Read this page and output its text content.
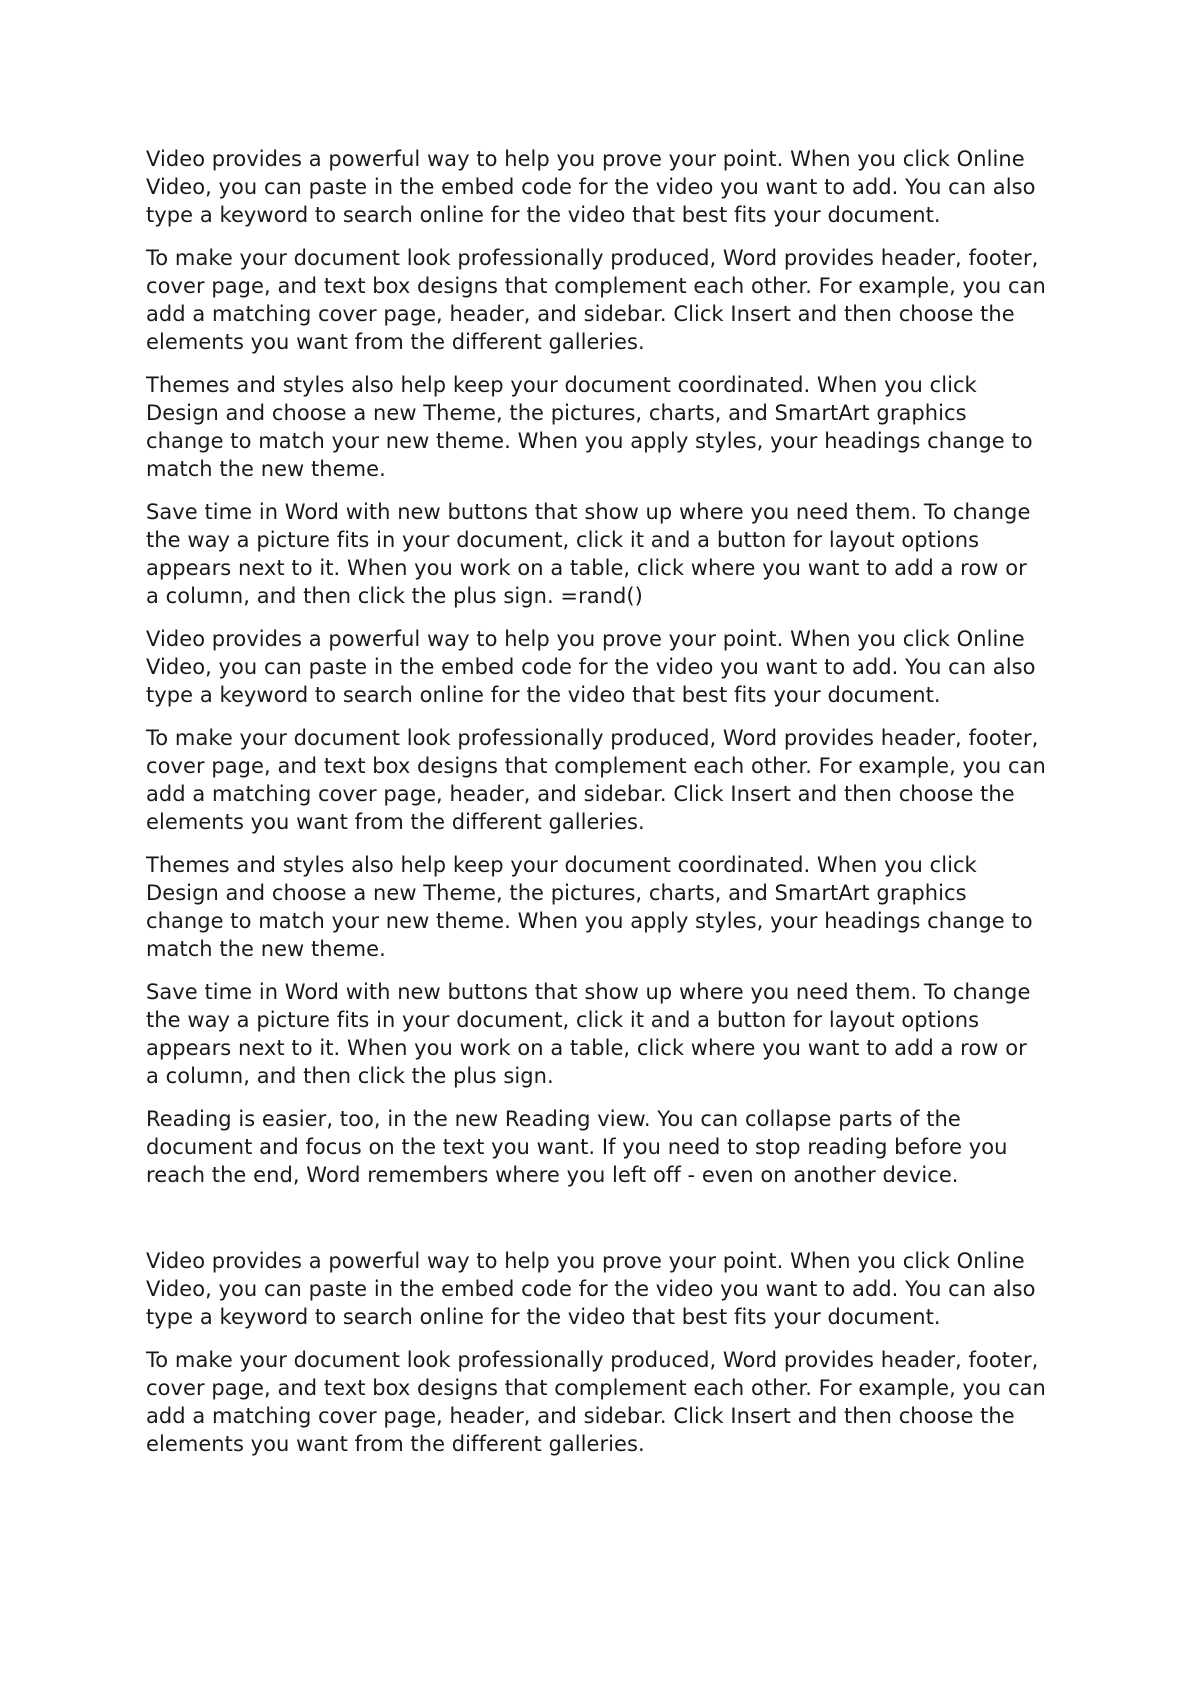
Video provides a powerful way to help you prove your point. When you click Online Video, you can paste in the embed code for the video you want to add. You can also type a keyword to search online for the video that best fits your document.

To make your document look professionally produced, Word provides header, footer, cover page, and text box designs that complement each other. For example, you can add a matching cover page, header, and sidebar. Click Insert and then choose the elements you want from the different galleries.

Themes and styles also help keep your document coordinated. When you click Design and choose a new Theme, the pictures, charts, and SmartArt graphics change to match your new theme. When you apply styles, your headings change to match the new theme.

Save time in Word with new buttons that show up where you need them. To change the way a picture fits in your document, click it and a button for layout options appears next to it. When you work on a table, click where you want to add a row or a column, and then click the plus sign. =rand()

Video provides a powerful way to help you prove your point. When you click Online Video, you can paste in the embed code for the video you want to add. You can also type a keyword to search online for the video that best fits your document.

To make your document look professionally produced, Word provides header, footer, cover page, and text box designs that complement each other. For example, you can add a matching cover page, header, and sidebar. Click Insert and then choose the elements you want from the different galleries.

Themes and styles also help keep your document coordinated. When you click Design and choose a new Theme, the pictures, charts, and SmartArt graphics change to match your new theme. When you apply styles, your headings change to match the new theme.

Save time in Word with new buttons that show up where you need them. To change the way a picture fits in your document, click it and a button for layout options appears next to it. When you work on a table, click where you want to add a row or a column, and then click the plus sign.

Reading is easier, too, in the new Reading view. You can collapse parts of the document and focus on the text you want. If you need to stop reading before you reach the end, Word remembers where you left off - even on another device.

Video provides a powerful way to help you prove your point. When you click Online Video, you can paste in the embed code for the video you want to add. You can also type a keyword to search online for the video that best fits your document.

To make your document look professionally produced, Word provides header, footer, cover page, and text box designs that complement each other. For example, you can add a matching cover page, header, and sidebar. Click Insert and then choose the elements you want from the different galleries.
